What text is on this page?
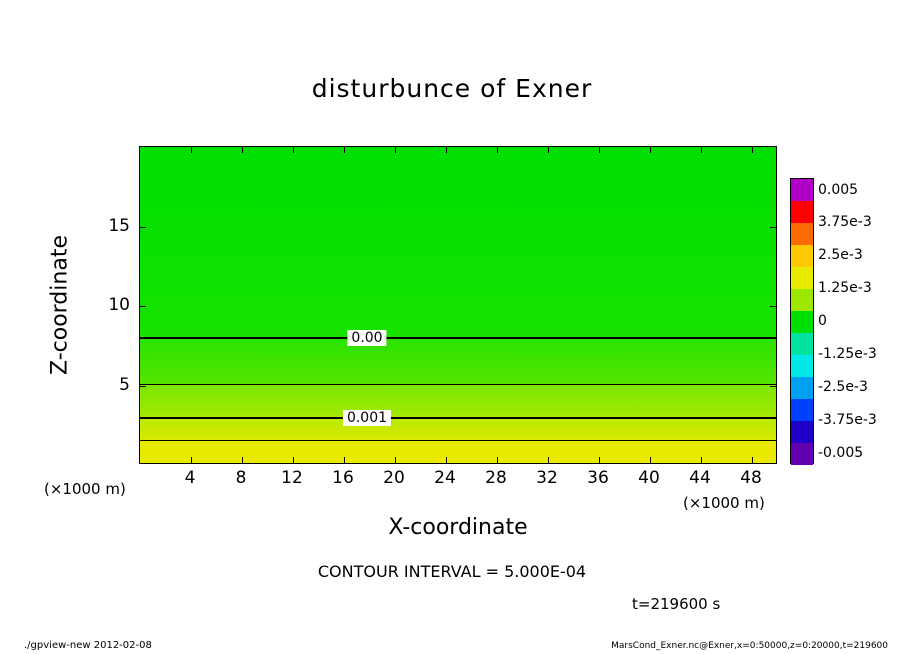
disturbunce of Exner
0.00
0.001
4 8 12 16 20 24 28 32 36 40 44 48
5
10
15
X-coordinate
Z-coordinate
(×1000 m)
(×1000 m)
0.005
3.75e-3
2.5e-3
1.25e-3
0
-1.25e-3
-2.5e-3
-3.75e-3
-0.005
CONTOUR INTERVAL = 5.000E-04
t=219600 s
./gpview-new 2012-02-08	MarsCond_Exner.nc@Exner,x=0:50000,z=0:20000,t=219600
